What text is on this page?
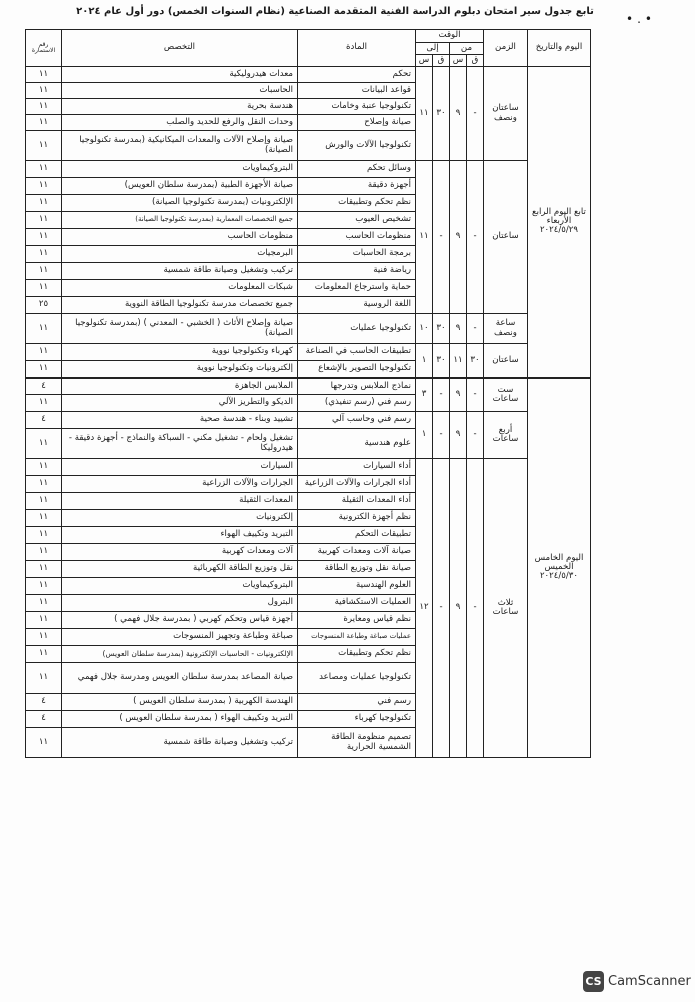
تابع جدول سير امتحان دبلوم الدراسة الفنية المتقدمة الصناعية (نظام السنوات الخمس) دور أول عام ٢٠٢٤
•.•
اليوم والتاريخ	الزمن	الوقت				المادة	التخصص	رقم الاستمارة
		من		إلى				
		ق	س	ق	س			
تابع اليوم الرابع الأربعاء ٢٠٢٤/٥/٢٩	ساعتان ونصف	-	٩	٣٠	١١	تحكم	معدات هيدروليكية	١١
						قواعد البيانات	الحاسبات	١١
						تكنولوجيا عنبة وخامات	هندسة بحرية	١١
						صيانة وإصلاح	وحدات النقل والرفع للحديد والصلب	١١
						تكنولوجيا الآلات والورش	صيانة وإصلاح الآلات والمعدات الميكانيكية (بمدرسة تكنولوجيا الصيانة)	١١
	ساعتان	-	٩	-	١١	وسائل تحكم	البتروكيماويات	١١
						أجهزة دقيقة	صيانة الأجهزة الطبية (بمدرسة سلطان العويس)	١١
						نظم تحكم وتطبيقات	الإلكترونيات (بمدرسة تكنولوجيا الصيانة)	١١
						تشخيص العيوب	جميع التخصصات المعمارية (بمدرسة تكنولوجيا الصيانة)	١١
						منظومات الحاسب	منظومات الحاسب	١١
						برمجة الحاسبات	البرمجيات	١١
						رياضة فنية	تركيب وتشغيل وصيانة طاقة شمسية	١١
						حماية واسترجاع المعلومات	شبكات المعلومات	١١
						اللغة الروسية	جميع تخصصات مدرسة تكنولوجيا الطاقة النووية	٢٥
	ساعة ونصف	-	٩	٣٠	١٠	تكنولوجيا عمليات	صيانة وإصلاح الأثاث ( الخشبي - المعدني ) (بمدرسة تكنولوجيا الصيانة)	١١
	ساعتان	٣٠	١١	٣٠	١	تطبيقات الحاسب في الصناعة	كهرباء وتكنولوجيا نووية	١١
						تكنولوجيا التصوير بالإشعاع	إلكترونيات وتكنولوجيا نووية	١١
اليوم الخامس الخميس ٢٠٢٤/٥/٣٠	ست ساعات	-	٩	-	٣	نماذج الملابس وتدرجها	الملابس الجاهزة	٤
						رسم فني (رسم تنفيذي)	الديكو والتطريز الآلي	١١
	أربع ساعات	-	٩	-	١	رسم فني وحاسب آلي	تشييد وبناء - هندسة صحية	٤
						علوم هندسية	تشغيل ولحام - تشغيل مكني - السباكة والنماذج - أجهزة دقيقة - هيدروليكا	١١
	ثلاث ساعات	-	٩	-	١٢	أداء السيارات	السيارات	١١
						أداء الجرارات والآلات الزراعية	الجرارات والآلات الزراعية	١١
						أداء المعدات الثقيلة	المعدات الثقيلة	١١
						نظم أجهزة الكترونية	إلكترونيات	١١
						تطبيقات التحكم	التبريد وتكييف الهواء	١١
						صيانة آلات ومعدات كهربية	آلات ومعدات كهربية	١١
						صيانة نقل وتوزيع الطاقة	نقل وتوزيع الطاقة الكهربائية	١١
						العلوم الهندسية	البتروكيماويات	١١
						العمليات الاستكشافية	البترول	١١
						نظم قياس ومعايرة	أجهزة قياس وتحكم كهربي ( بمدرسة جلال فهمي )	١١
						عمليات صباغة وطباعة المنسوجات	صباغة وطباعة وتجهيز المنسوجات	١١
						نظم تحكم وتطبيقات	الإلكترونيات - الحاسبات الإلكترونية (بمدرسة سلطان العويس)	١١
						تكنولوجيا عمليات ومصاعد	صيانة المصاعد بمدرسة سلطان العويس ومدرسة جلال فهمي	١١
						رسم فني	الهندسة الكهربية ( بمدرسة سلطان العويس )	٤
						تكنولوجيا كهرباء	التبريد وتكييف الهواء ( بمدرسة سلطان العويس )	٤
						تصميم منظومة الطاقة الشمسية الحرارية	تركيب وتشغيل وصيانة طاقة شمسية	١١
CS CamScanner
